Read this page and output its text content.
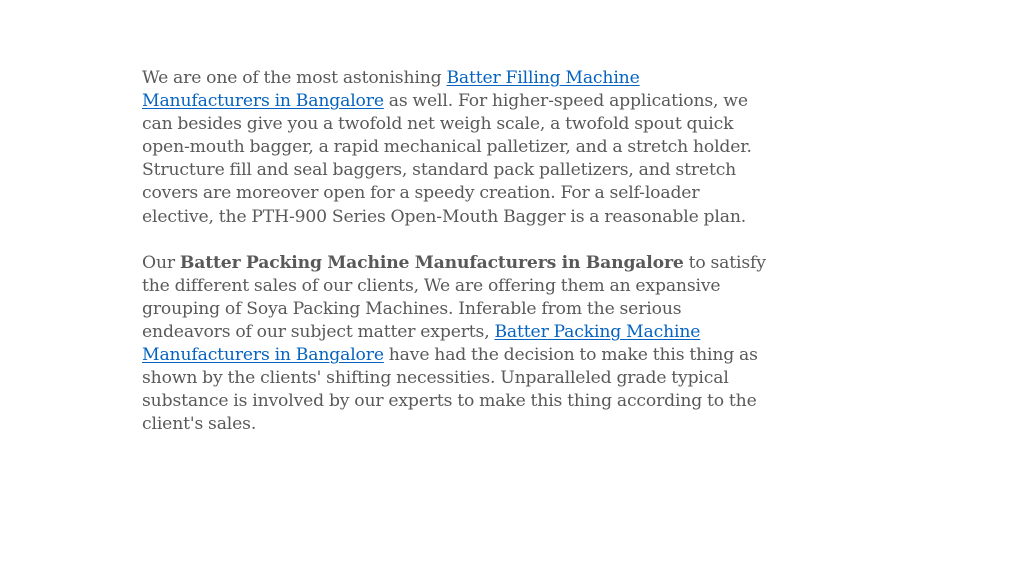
We are one of the most astonishing Batter Filling Machine Manufacturers in Bangalore as well. For higher-speed applications, we can besides give you a twofold net weigh scale, a twofold spout quick open-mouth bagger, a rapid mechanical palletizer, and a stretch holder. Structure fill and seal baggers, standard pack palletizers, and stretch covers are moreover open for a speedy creation. For a self-loader elective, the PTH-900 Series Open-Mouth Bagger is a reasonable plan.

Our Batter Packing Machine Manufacturers in Bangalore to satisfy the different sales of our clients, We are offering them an expansive grouping of Soya Packing Machines. Inferable from the serious endeavors of our subject matter experts, Batter Packing Machine Manufacturers in Bangalore have had the decision to make this thing as shown by the clients' shifting necessities. Unparalleled grade typical substance is involved by our experts to make this thing according to the client's sales.
